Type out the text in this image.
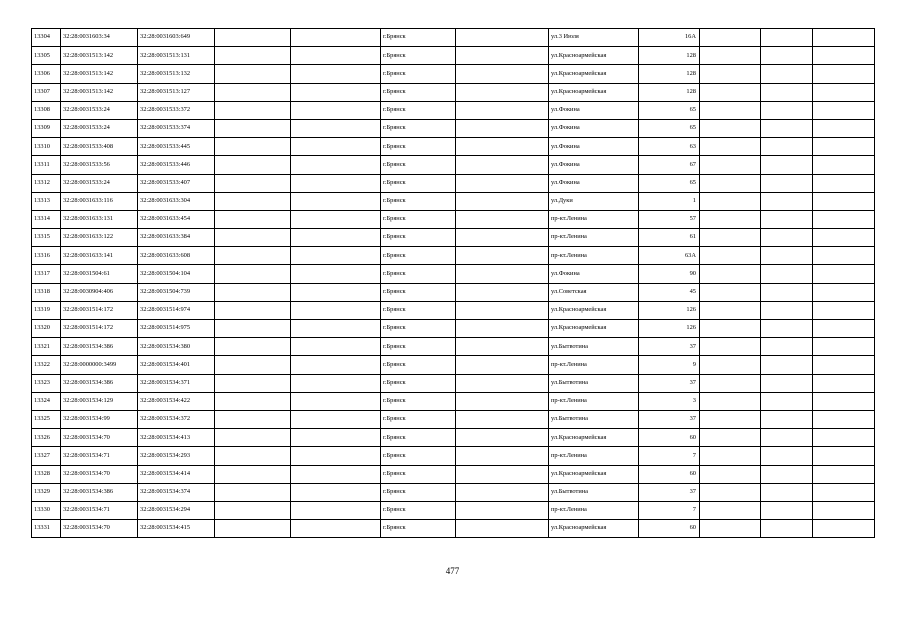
13304	32:28:0031603:34	32:28:0031603:649			г.Брянск		ул.3 Июля	16А			
13305	32:28:0031513:142	32:28:0031513:131			г.Брянск		ул.Красноармейская	128			
13306	32:28:0031513:142	32:28:0031513:132			г.Брянск		ул.Красноармейская	128			
13307	32:28:0031513:142	32:28:0031513:127			г.Брянск		ул.Красноармейская	128			
13308	32:28:0031533:24	32:28:0031533:372			г.Брянск		ул.Фокина	65			
13309	32:28:0031533:24	32:28:0031533:374			г.Брянск		ул.Фокина	65			
13310	32:28:0031533:408	32:28:0031533:445			г.Брянск		ул.Фокина	63			
13311	32:28:0031533:56	32:28:0031533:446			г.Брянск		ул.Фокина	67			
13312	32:28:0031533:24	32:28:0031533:407			г.Брянск		ул.Фокина	65			
13313	32:28:0031633:116	32:28:0031633:304			г.Брянск		ул.Дуки	1			
13314	32:28:0031633:131	32:28:0031633:454			г.Брянск		пр-кт.Ленина	57			
13315	32:28:0031633:122	32:28:0031633:384			г.Брянск		пр-кт.Ленина	61			
13316	32:28:0031633:141	32:28:0031633:608			г.Брянск		пр-кт.Ленина	63А			
13317	32:28:0031504:61	32:28:0031504:104			г.Брянск		ул.Фокина	90			
13318	32:28:0030904:406	32:28:0031504:739			г.Брянск		ул.Советская	45			
13319	32:28:0031514:172	32:28:0031514:974			г.Брянск		ул.Красноармейская	126			
13320	32:28:0031514:172	32:28:0031514:975			г.Брянск		ул.Красноармейская	126			
13321	32:28:0031534:386	32:28:0031534:380			г.Брянск		ул.Бытвотина	37			
13322	32:28:0000000:3499	32:28:0031534:401			г.Брянск		пр-кт.Ленина	9			
13323	32:28:0031534:386	32:28:0031534:371			г.Брянск		ул.Бытвотина	37			
13324	32:28:0031534:129	32:28:0031534:422			г.Брянск		пр-кт.Ленина	3			
13325	32:28:0031534:99	32:28:0031534:372			г.Брянск		ул.Бытвотина	37			
13326	32:28:0031534:70	32:28:0031534:413			г.Брянск		ул.Красноармейская	60			
13327	32:28:0031534:71	32:28:0031534:293			г.Брянск		пр-кт.Ленина	7			
13328	32:28:0031534:70	32:28:0031534:414			г.Брянск		ул.Красноармейская	60			
13329	32:28:0031534:386	32:28:0031534:374			г.Брянск		ул.Бытвотина	37			
13330	32:28:0031534:71	32:28:0031534:294			г.Брянск		пр-кт.Ленина	7			
13331	32:28:0031534:70	32:28:0031534:415			г.Брянск		ул.Красноармейская	60			
477
